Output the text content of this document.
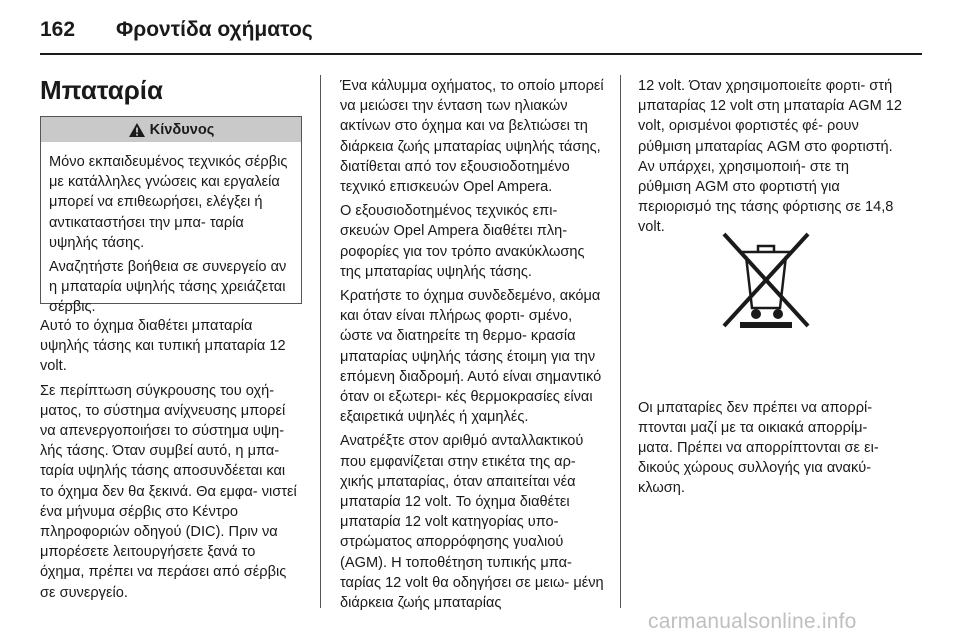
162	Φροντίδα οχήματος
Μπαταρία
Κίνδυνος

Μόνο εκπαιδευμένος τεχνικός σέρβις με κατάλληλες γνώσεις και εργαλεία μπορεί να επιθεωρήσει, ελέγξει ή αντικαταστήσει την μπα- ταρία υψηλής τάσης.

Αναζητήστε βοήθεια σε συνεργείο αν η μπαταρία υψηλής τάσης χρειάζεται σέρβις.

Αυτό το όχημα διαθέτει μπαταρία υψηλής τάσης και τυπική μπαταρία 12 volt.

Σε περίπτωση σύγκρουσης του οχή- ματος, το σύστημα ανίχνευσης μπορεί να απενεργοποιήσει το σύστημα υψη- λής τάσης. Όταν συμβεί αυτό, η μπα- ταρία υψηλής τάσης αποσυνδέεται και το όχημα δεν θα ξεκινά. Θα εμφα- νιστεί ένα μήνυμα σέρβις στο Κέντρο πληροφοριών οδηγού (DIC). Πριν να μπορέσετε λειτουργήσετε ξανά το όχημα, πρέπει να περάσει από σέρβις σε συνεργείο.

Ένα κάλυμμα οχήματος, το οποίο μπορεί να μειώσει την ένταση των ηλιακών ακτίνων στο όχημα και να βελτιώσει τη διάρκεια ζωής μπαταρίας υψηλής τάσης, διατίθεται από τον εξουσιοδοτημένο τεχνικό επισκευών Opel Ampera.

Ο εξουσιοδοτημένος τεχνικός επι- σκευών Opel Ampera διαθέτει πλη- ροφορίες για τον τρόπο ανακύκλωσης της μπαταρίας υψηλής τάσης.

Κρατήστε το όχημα συνδεδεμένο, ακόμα και όταν είναι πλήρως φορτι- σμένο, ώστε να διατηρείτε τη θερμο- κρασία μπαταρίας υψηλής τάσης έτοιμη για την επόμενη διαδρομή. Αυτό είναι σημαντικό όταν οι εξωτερι- κές θερμοκρασίες είναι εξαιρετικά υψηλές ή χαμηλές.

Ανατρέξτε στον αριθμό ανταλλακτικού που εμφανίζεται στην ετικέτα της αρ- χικής μπαταρίας, όταν απαιτείται νέα μπαταρία 12 volt. Το όχημα διαθέτει μπαταρία 12 volt κατηγορίας υπο- στρώματος απορρόφησης γυαλιού (AGM). Η τοποθέτηση τυπικής μπα- ταρίας 12 volt θα οδηγήσει σε μειω- μένη διάρκεια ζωής μπαταρίας

12 volt. Όταν χρησιμοποιείτε φορτι- στή μπαταρίας 12 volt στη μπαταρία AGM 12 volt, ορισμένοι φορτιστές φέ- ρουν ρύθμιση μπαταρίας AGM στο φορτιστή. Αν υπάρχει, χρησιμοποιή- στε τη ρύθμιση AGM στο φορτιστή για περιορισμό της τάσης φόρτισης σε 14,8 volt.

Οι μπαταρίες δεν πρέπει να απορρί- πτονται μαζί με τα οικιακά απορρίμ- ματα. Πρέπει να απορρίπτονται σε ει- δικούς χώρους συλλογής για ανακύ- κλωση.

carmanualsonline.info
